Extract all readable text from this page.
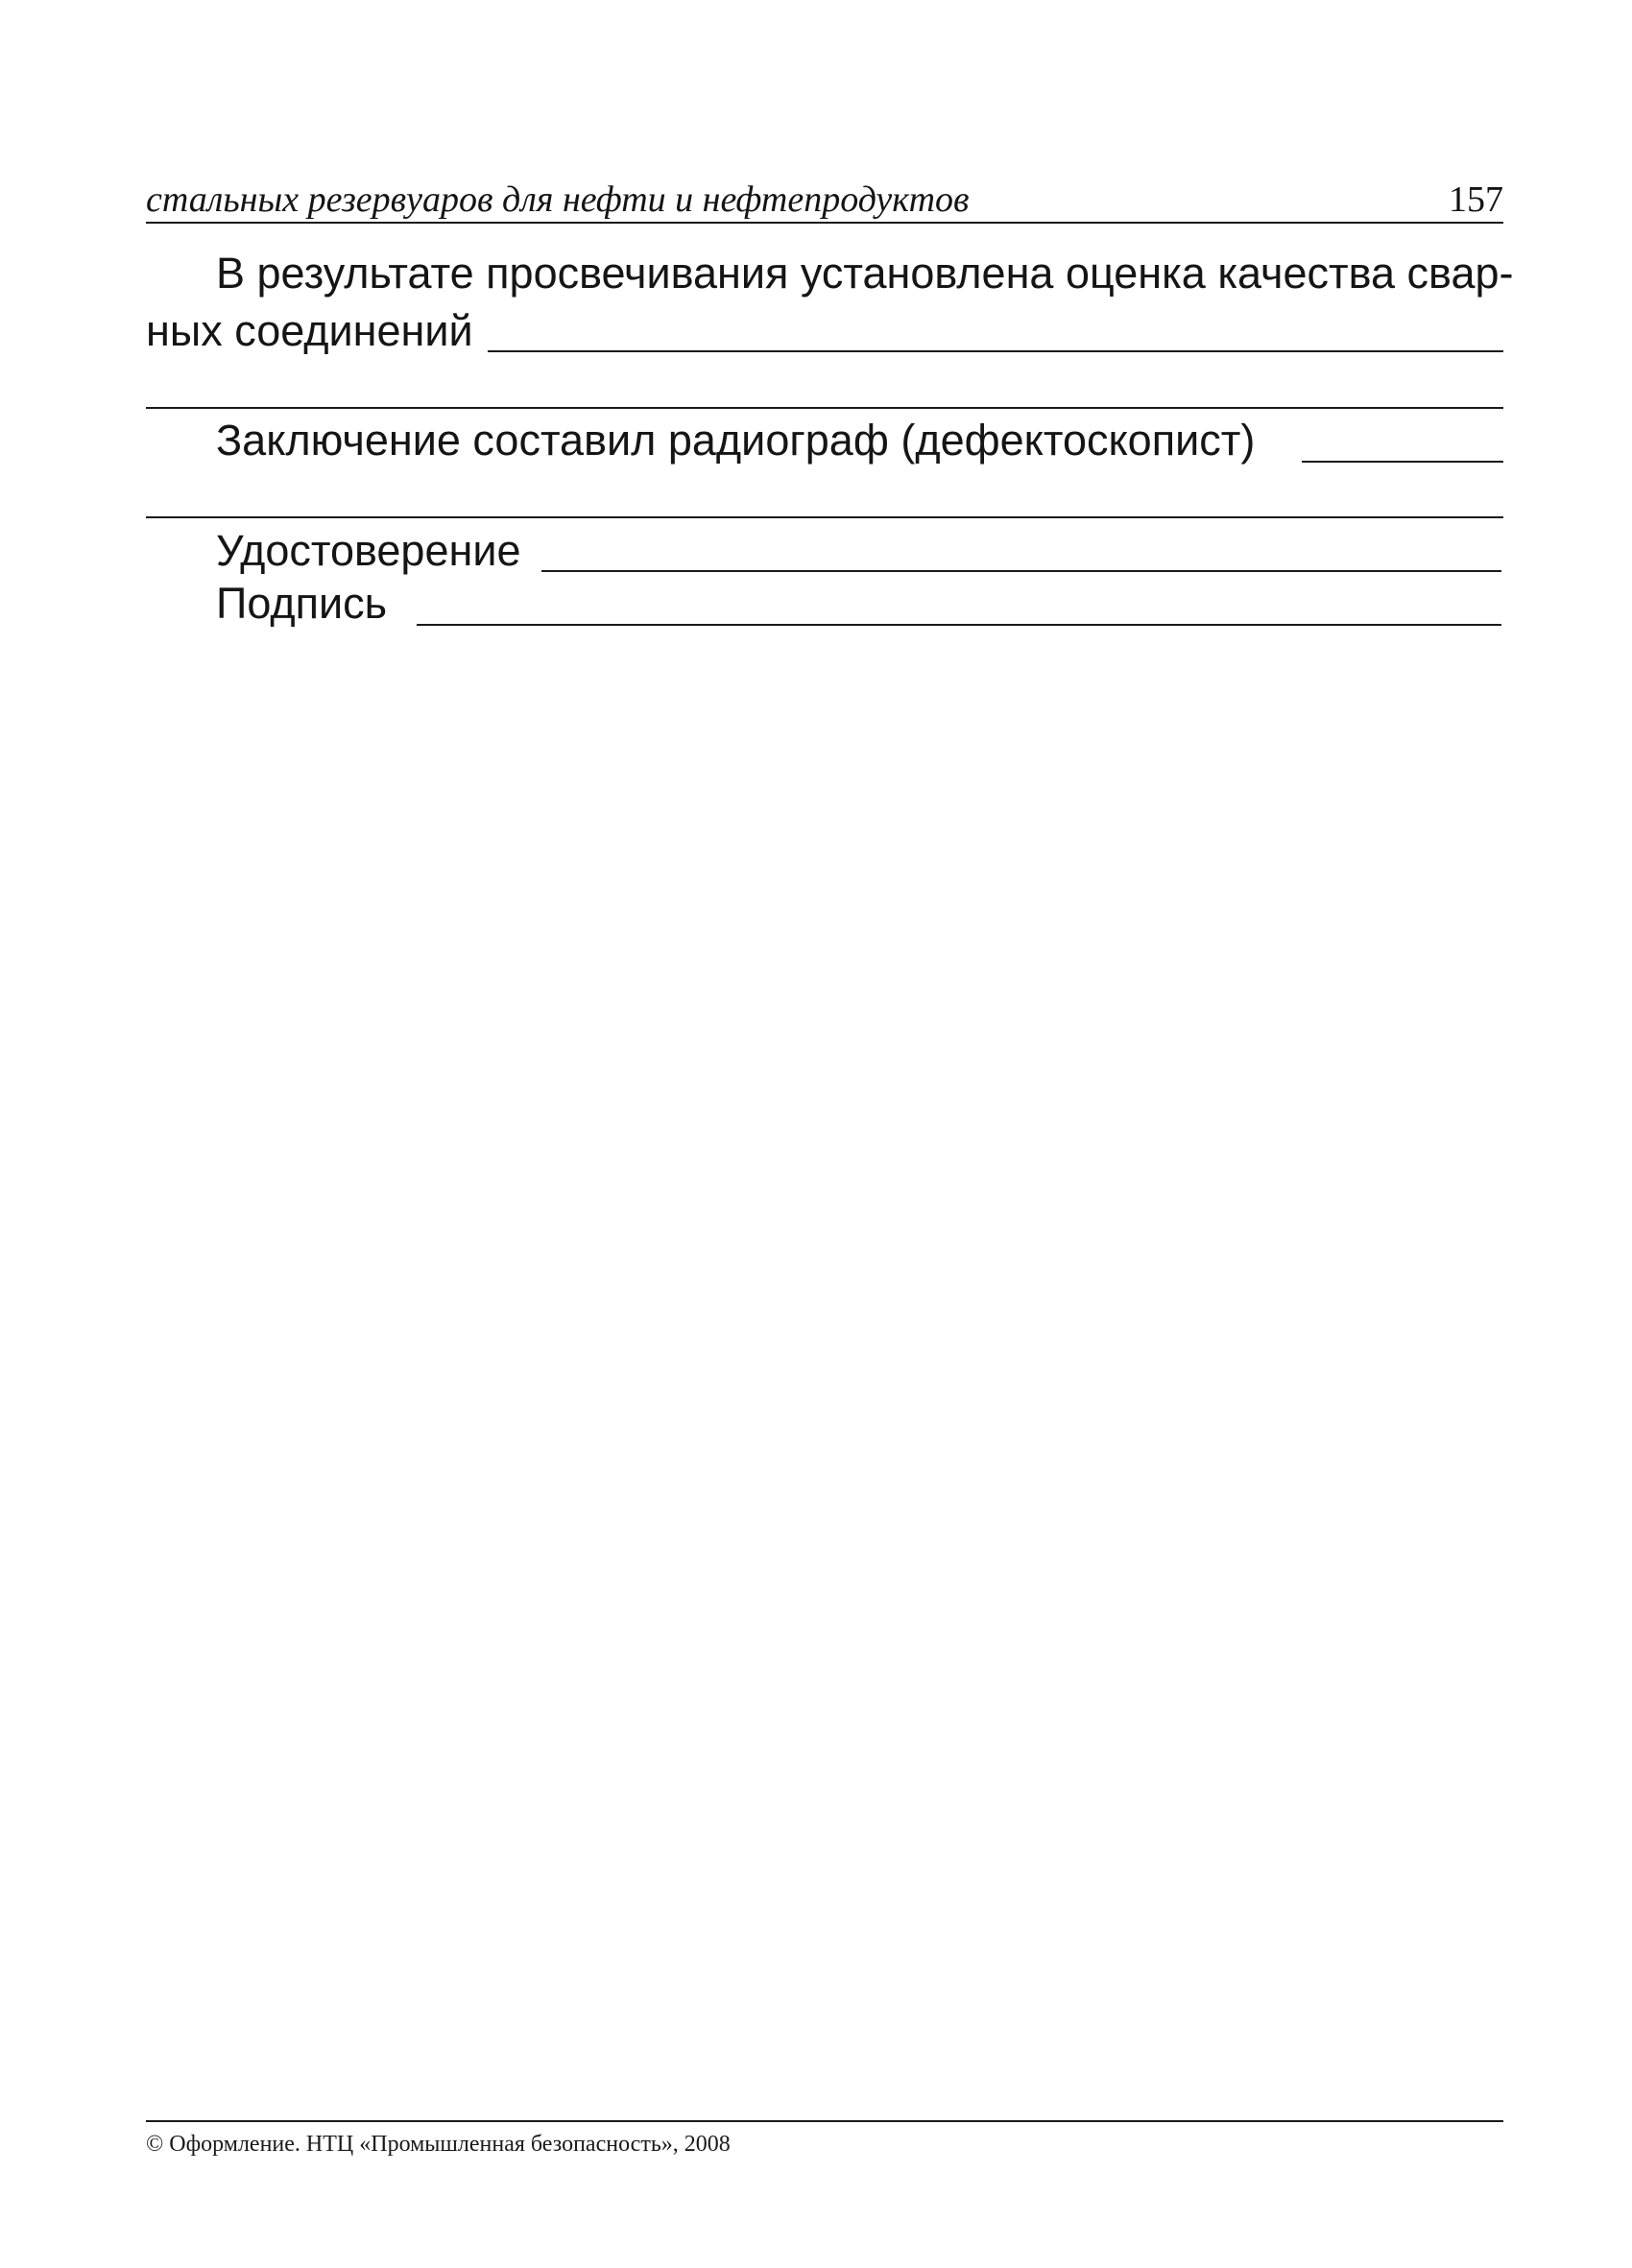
стальных резервуаров для нефти и нефтепродуктов	157
В результате просвечивания установлена оценка качества свар-
ных соединений
Заключение составил радиограф (дефектоскопист)
Удостоверение
Подпись
© Оформление. НТЦ «Промышленная безопасность», 2008
